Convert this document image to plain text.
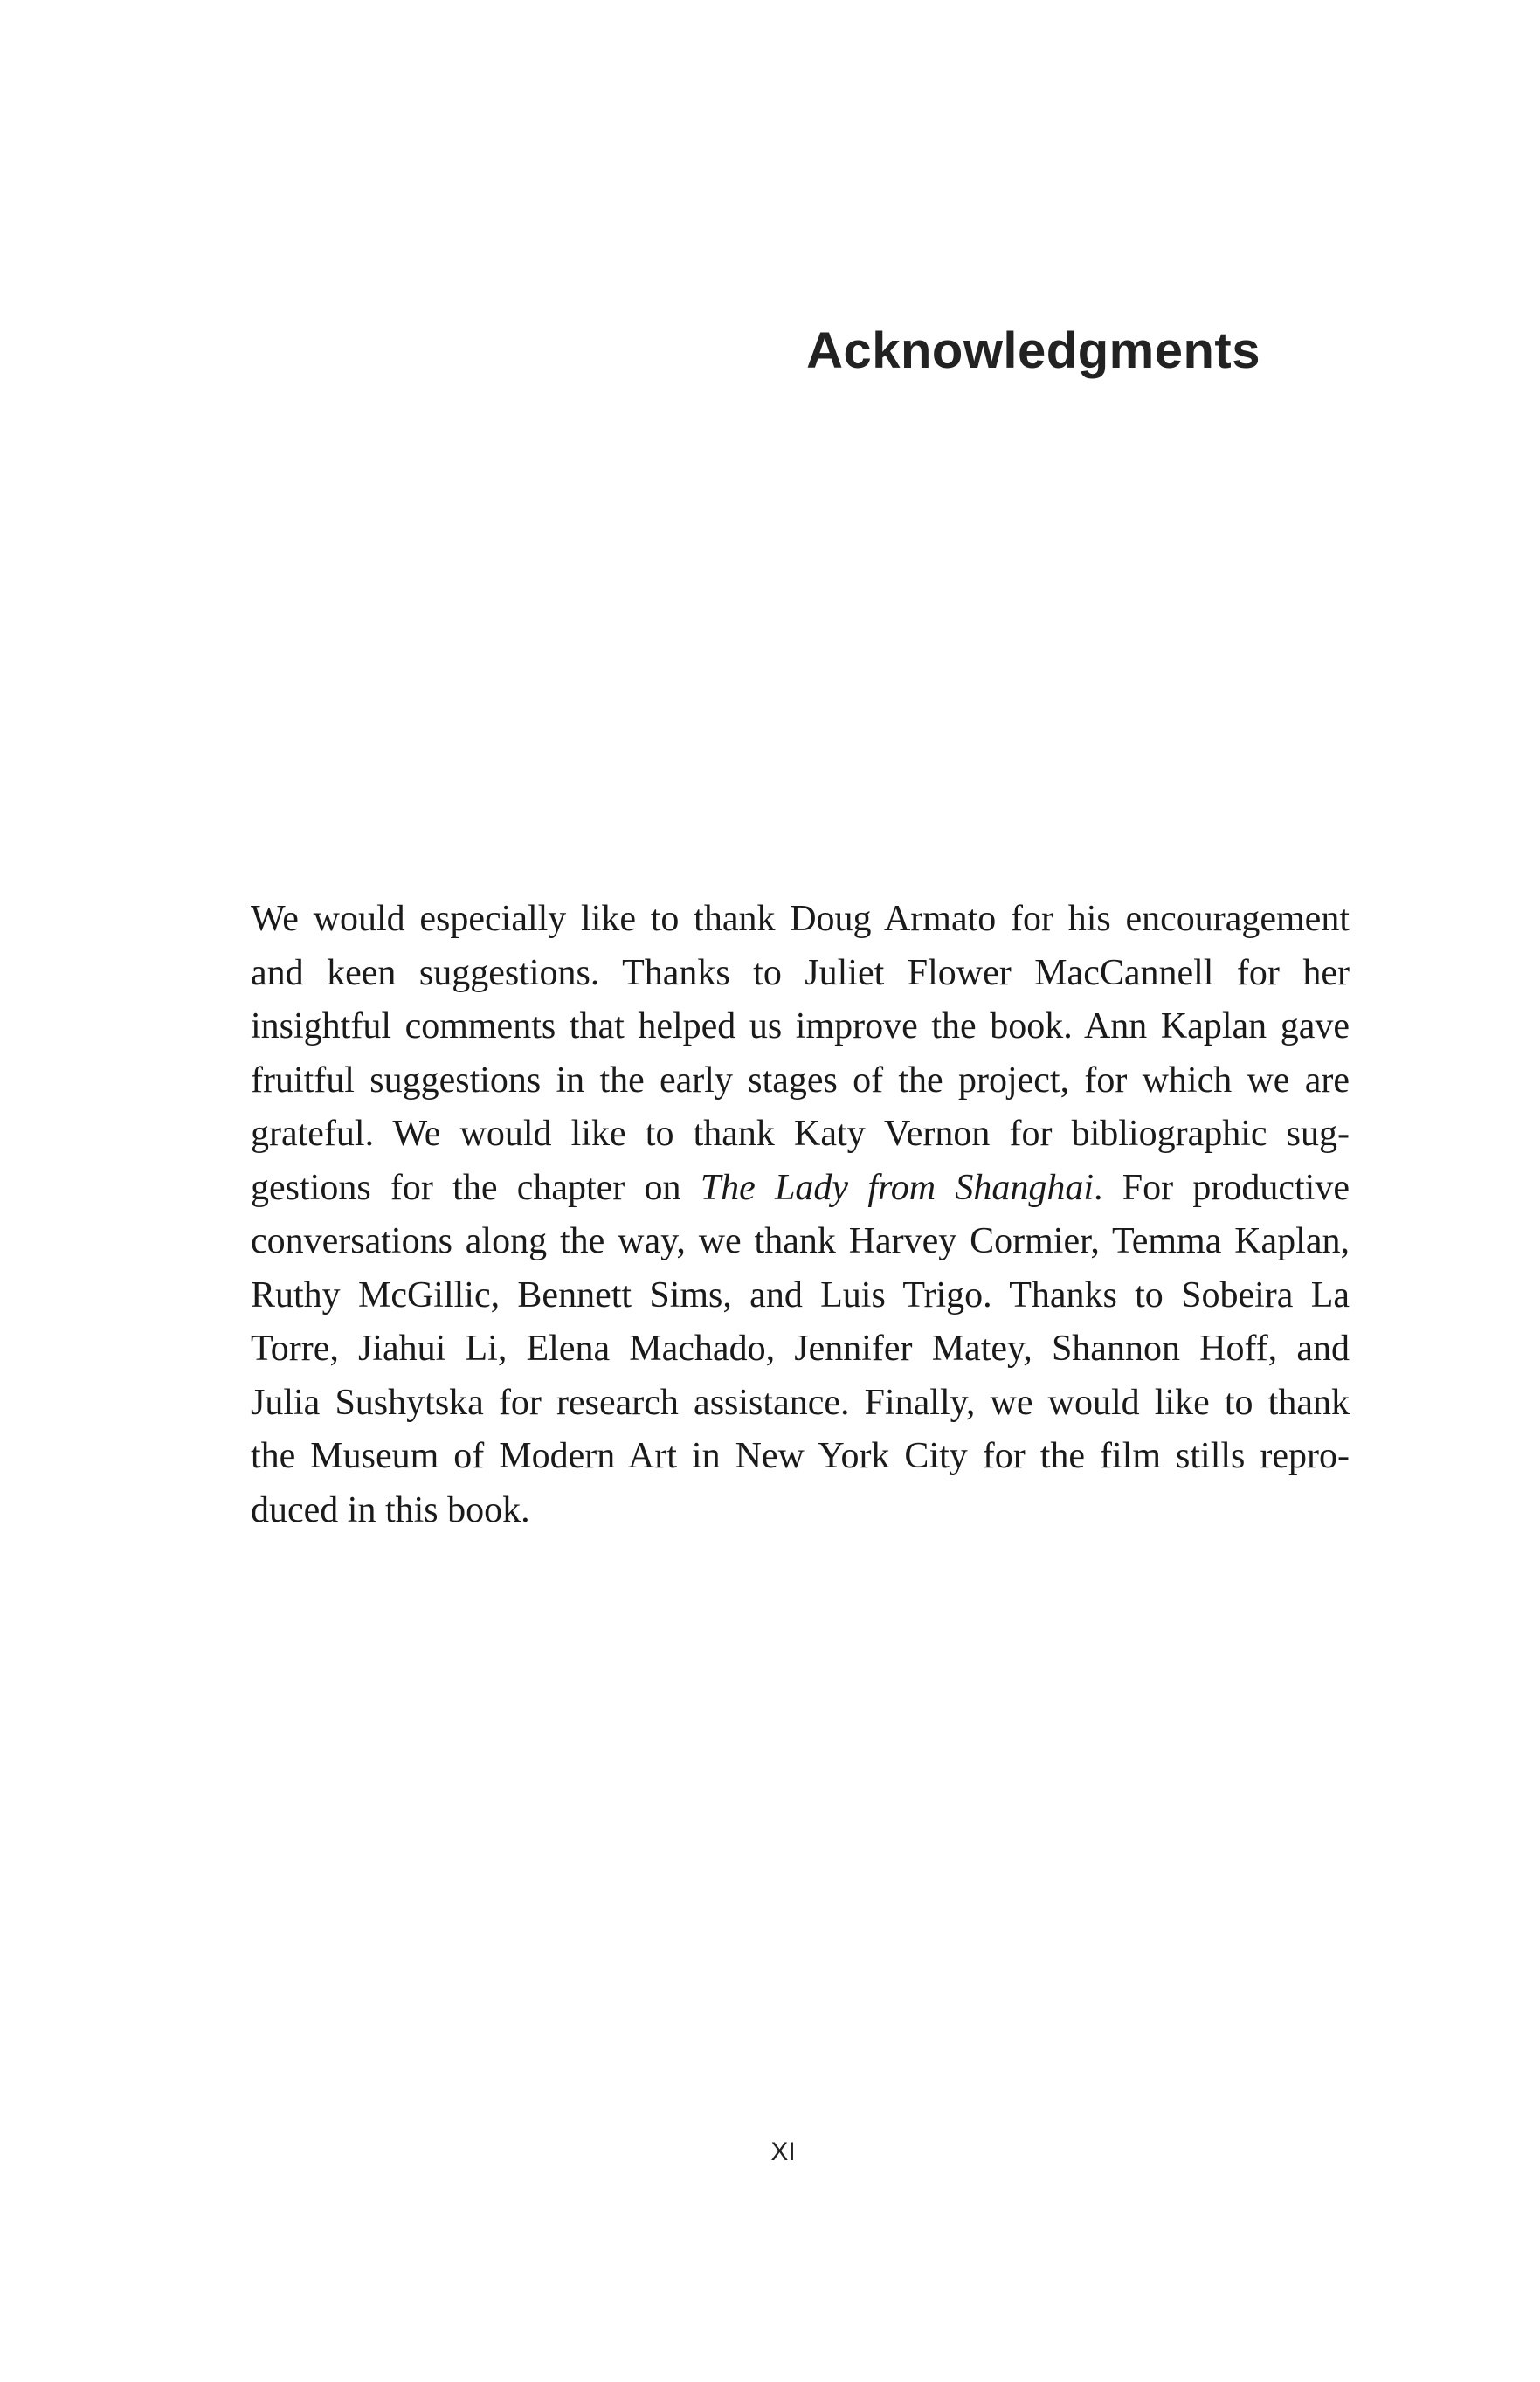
Acknowledgments

We would especially like to thank Doug Armato for his encouragement
and keen suggestions. Thanks to Juliet Flower MacCannell for her
insightful comments that helped us improve the book. Ann Kaplan gave
fruitful suggestions in the early stages of the project, for which we are
grateful. We would like to thank Katy Vernon for bibliographic sug-
gestions for the chapter on The Lady from Shanghai. For productive
conversations along the way, we thank Harvey Cormier, Temma Kaplan,
Ruthy McGillic, Bennett Sims, and Luis Trigo. Thanks to Sobeira La
Torre, Jiahui Li, Elena Machado, Jennifer Matey, Shannon Hoff, and
Julia Sushytska for research assistance. Finally, we would like to thank
the Museum of Modern Art in New York City for the film stills repro-
duced in this book.

XI
